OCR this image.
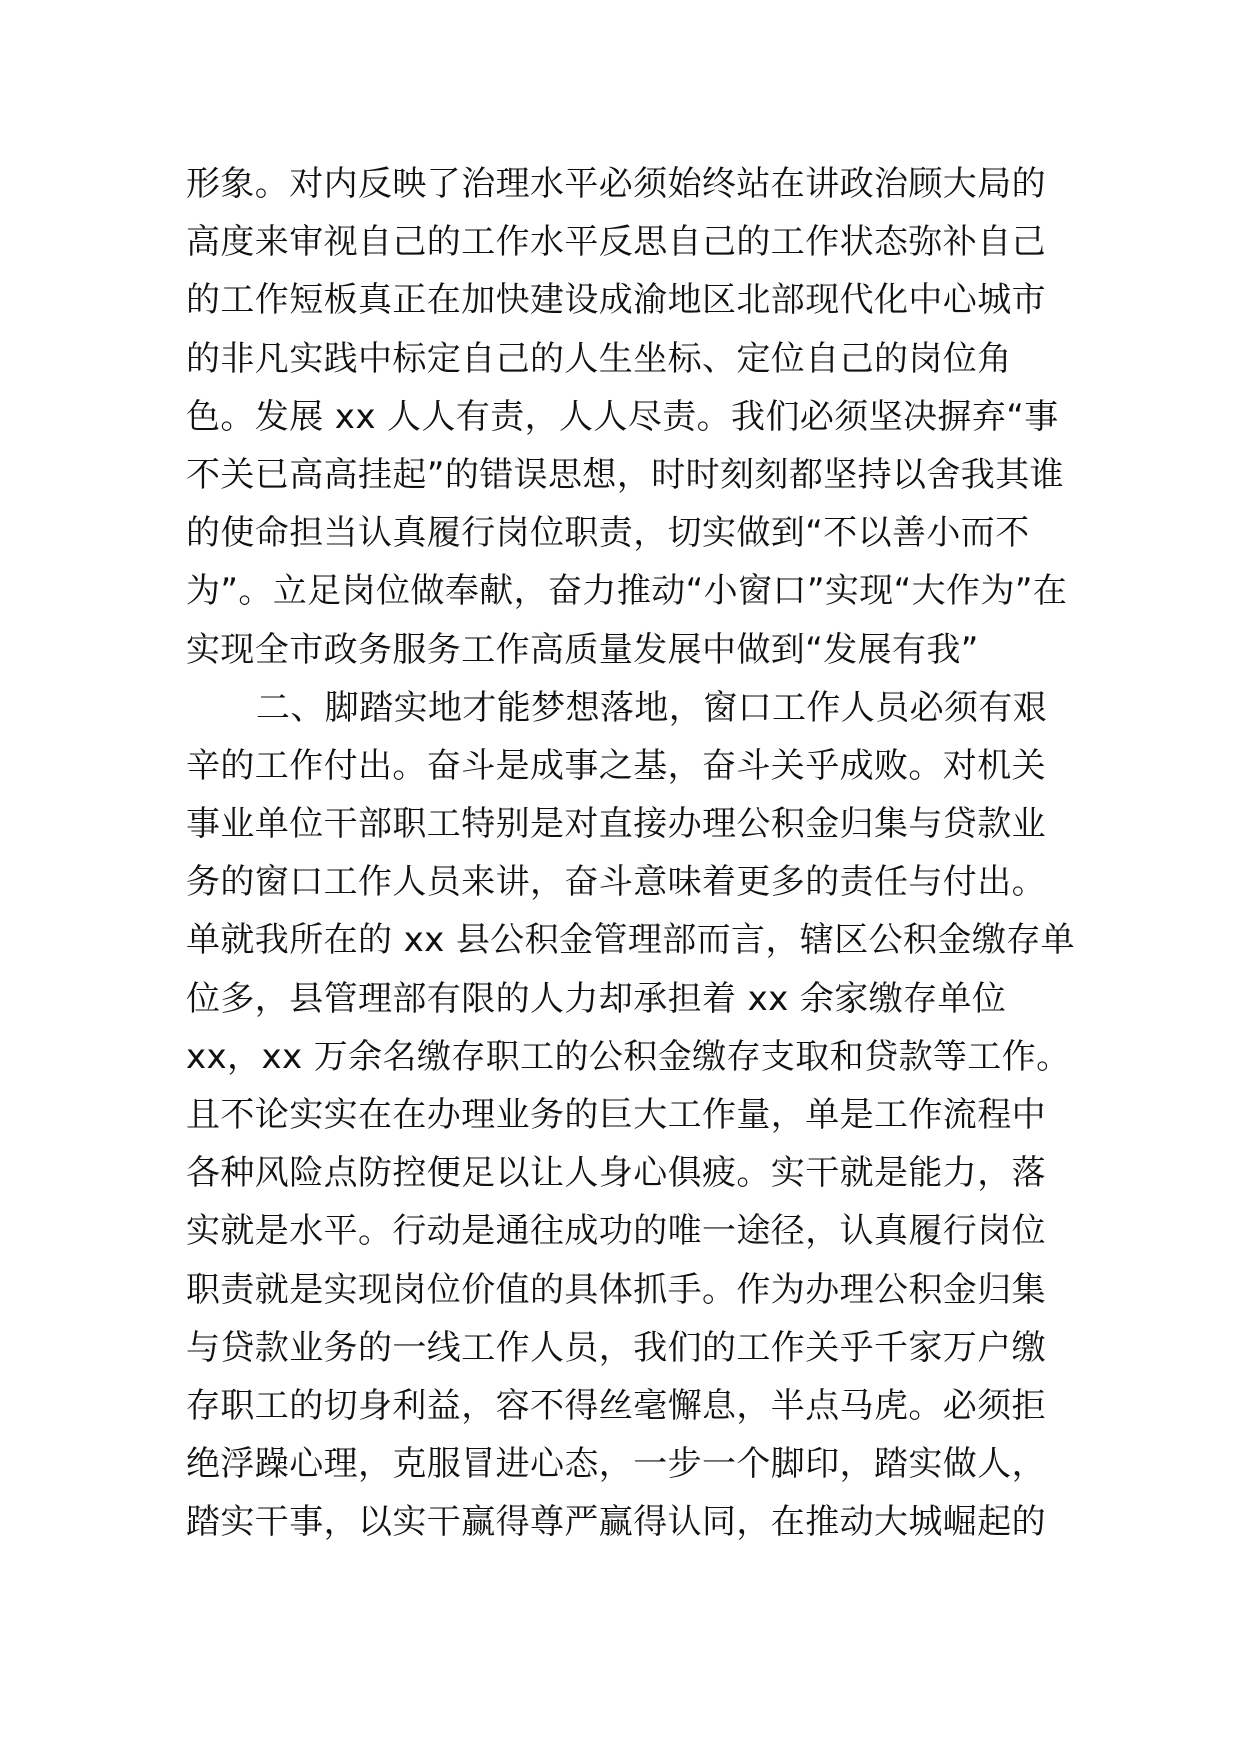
形象。对内反映了治理水平必须始终站在讲政治顾大局的
高度来审视自己的工作水平反思自己的工作状态弥补自己
的工作短板真正在加快建设成渝地区北部现代化中心城市
的非凡实践中标定自己的人生坐标、定位自己的岗位角
色。发展 xx 人人有责，人人尽责。我们必须坚决摒弃“事
不关已高高挂起”的错误思想，时时刻刻都坚持以舍我其谁
的使命担当认真履行岗位职责，切实做到“不以善小而不
为”。立足岗位做奉献，奋力推动“小窗口”实现“大作为”在
实现全市政务服务工作高质量发展中做到“发展有我”
二、脚踏实地才能梦想落地，窗口工作人员必须有艰
辛的工作付出。奋斗是成事之基，奋斗关乎成败。对机关
事业单位干部职工特别是对直接办理公积金归集与贷款业
务的窗口工作人员来讲，奋斗意味着更多的责任与付出。
单就我所在的 xx 县公积金管理部而言，辖区公积金缴存单
位多，县管理部有限的人力却承担着 xx 余家缴存单位
xx，xx 万余名缴存职工的公积金缴存支取和贷款等工作。
且不论实实在在办理业务的巨大工作量，单是工作流程中
各种风险点防控便足以让人身心俱疲。实干就是能力，落
实就是水平。行动是通往成功的唯一途径，认真履行岗位
职责就是实现岗位价值的具体抓手。作为办理公积金归集
与贷款业务的一线工作人员，我们的工作关乎千家万户缴
存职工的切身利益，容不得丝毫懈息，半点马虎。必须拒
绝浮躁心理，克服冒进心态，一步一个脚印，踏实做人，
踏实干事，以实干赢得尊严赢得认同，在推动大城崛起的
